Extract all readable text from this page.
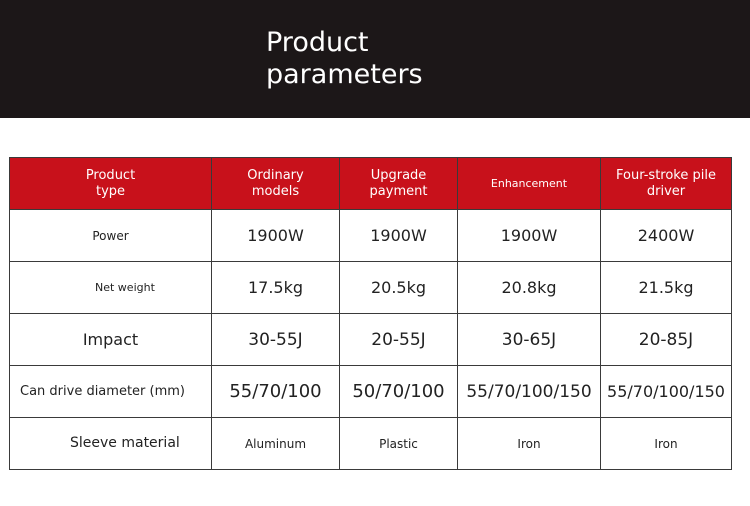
Product
parameters
Product type	Ordinary models	Upgrade payment	Enhancement	Four-stroke pile driver
Power	1900W	1900W	1900W	2400W
Net weight	17.5kg	20.5kg	20.8kg	21.5kg
Impact	30-55J	20-55J	30-65J	20-85J
Can drive diameter (mm)	55/70/100	50/70/100	55/70/100/150	55/70/100/150
Sleeve material	Aluminum	Plastic	Iron	Iron
